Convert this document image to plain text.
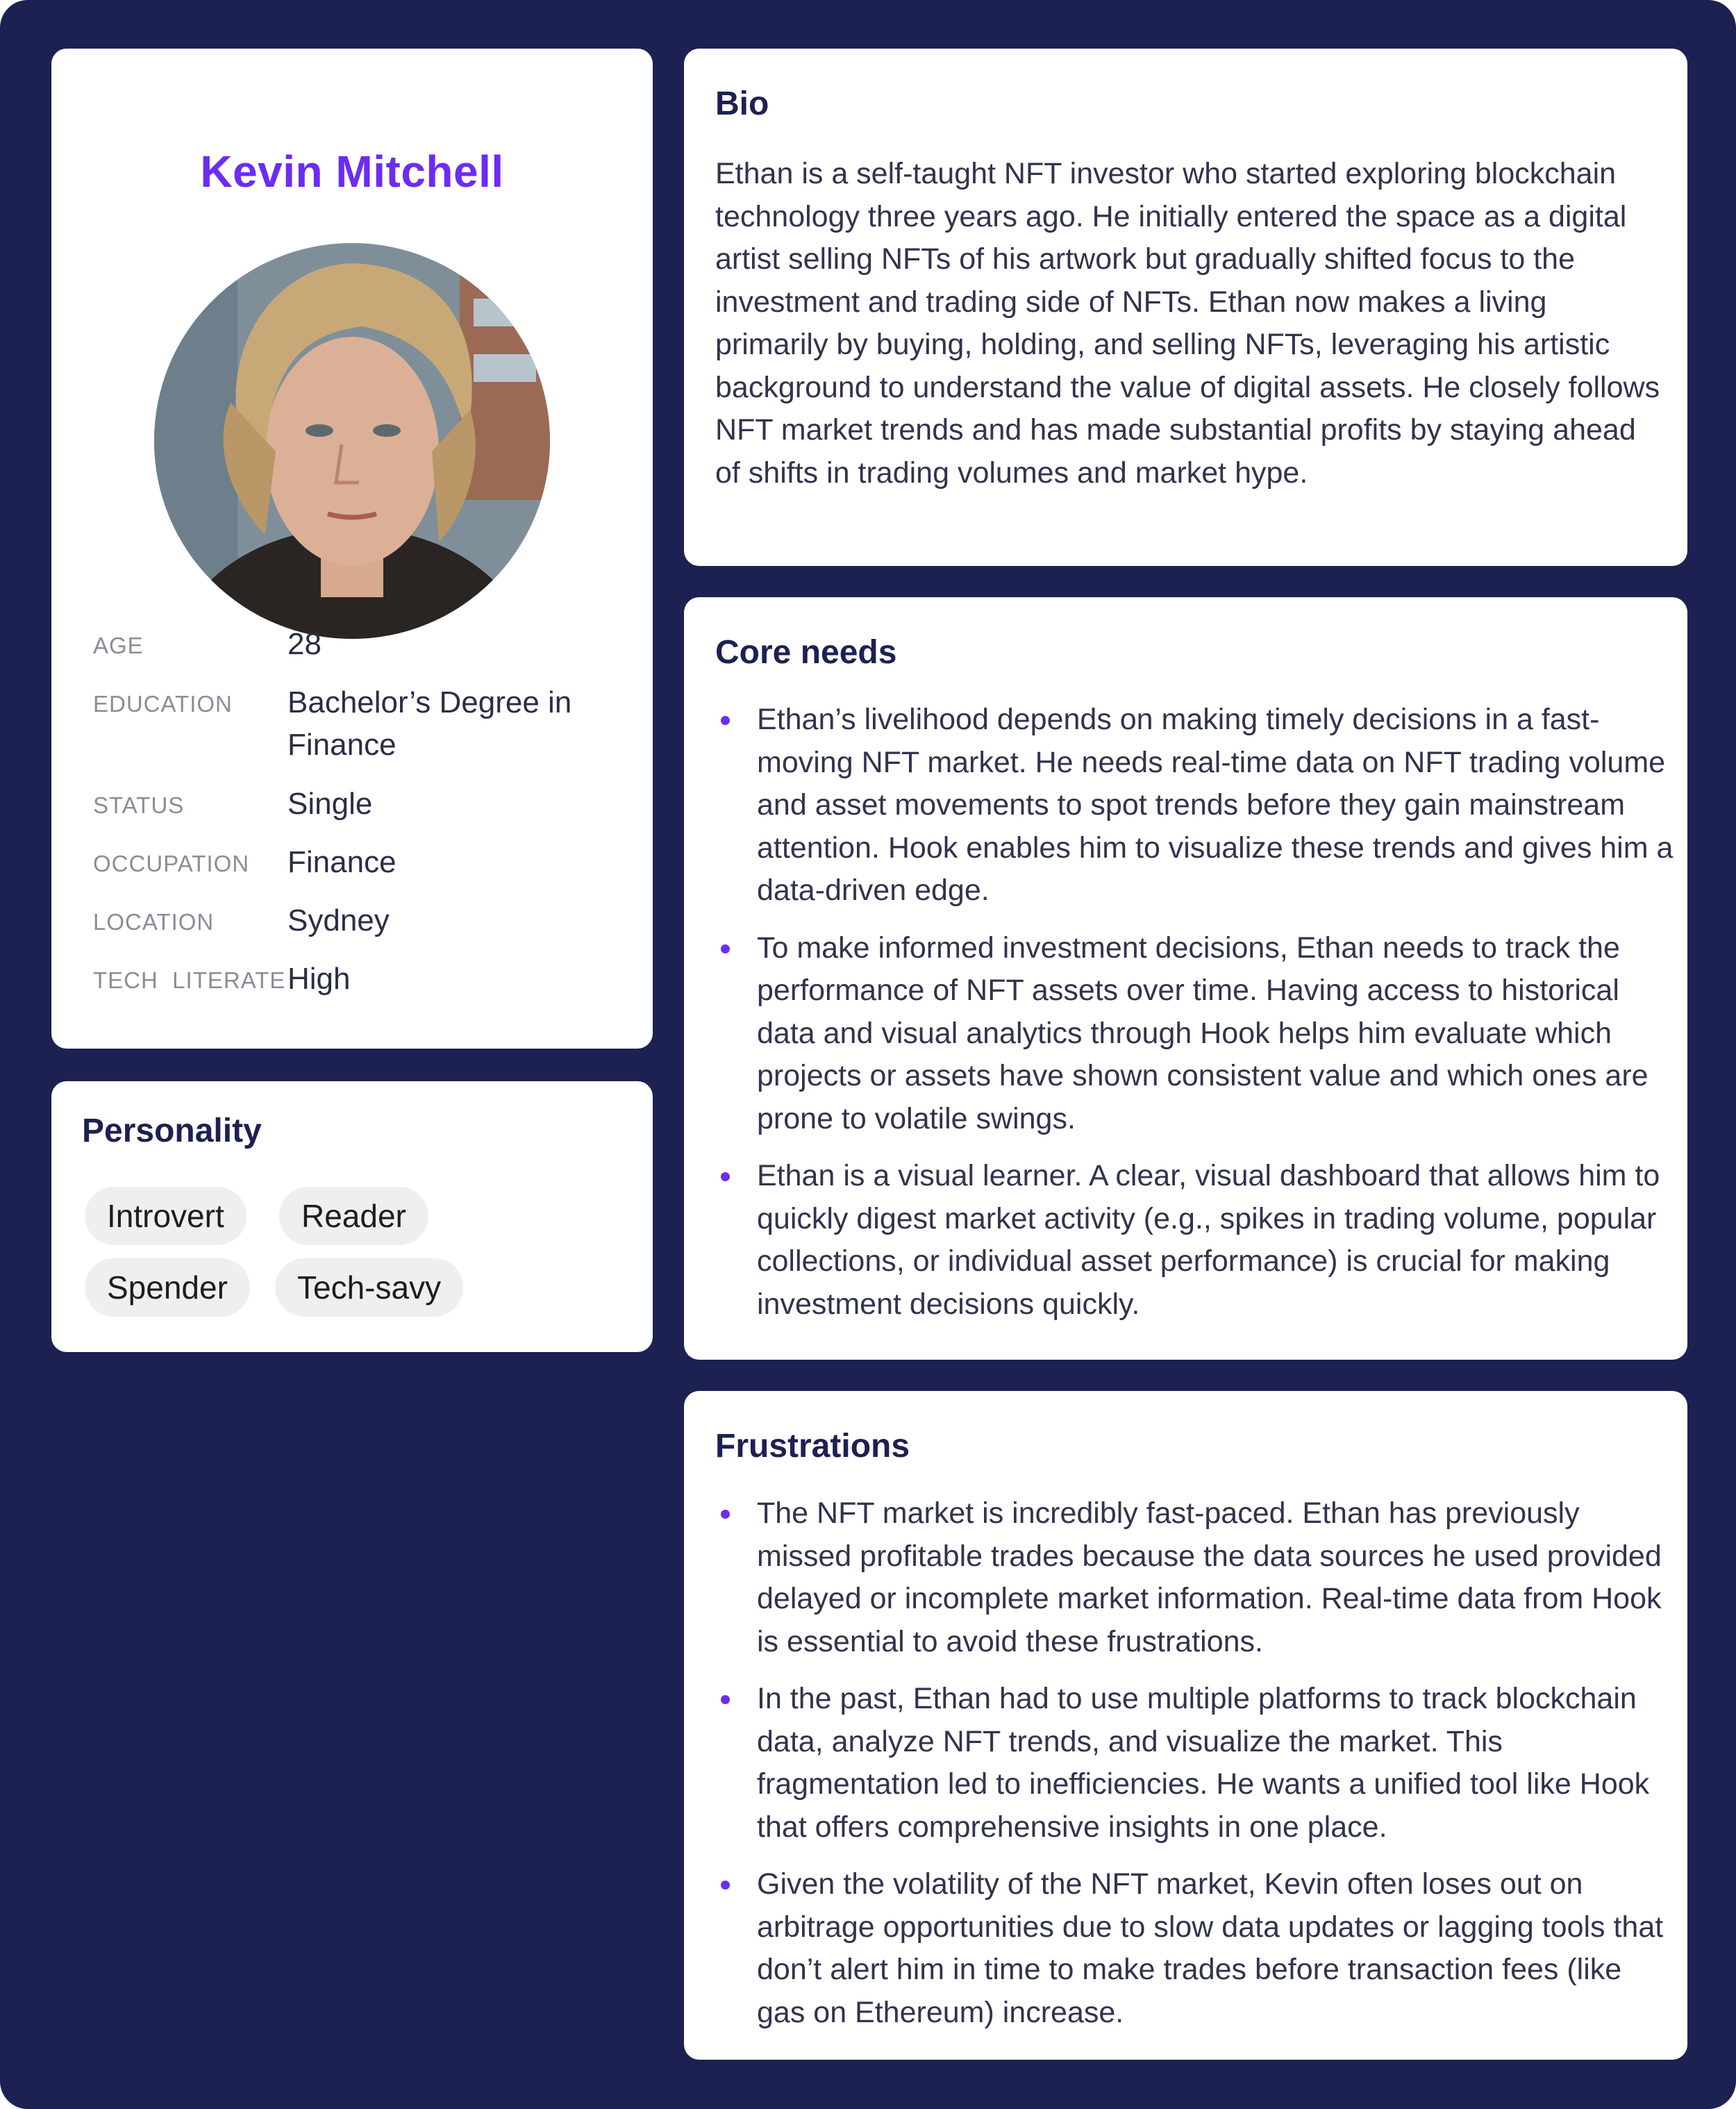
Kevin Mitchell
AGE	28
EDUCATION Bachelor’s Degree in Finance
STATUS	Single
OCCUPATION Finance
LOCATION Sydney
TECH  LITERATE High
Personality
Introvert	Reader
Spender	Tech-savy
Bio
Ethan is a self-taught NFT investor who started exploring blockchain technology three years ago. He initially entered the space as a digital artist selling NFTs of his artwork but gradually shifted focus to the investment and trading side of NFTs. Ethan now makes a living primarily by buying, holding, and selling NFTs, leveraging his artistic background to understand the value of digital assets. He closely follows NFT market trends and has made substantial profits by staying ahead of shifts in trading volumes and market hype.
Core needs
Ethan’s livelihood depends on making timely decisions in a fast-moving NFT market. He needs real-time data on NFT trading volume and asset movements to spot trends before they gain mainstream attention. Hook enables him to visualize these trends and gives him a data-driven edge.
To make informed investment decisions, Ethan needs to track the performance of NFT assets over time. Having access to historical data and visual analytics through Hook helps him evaluate which projects or assets have shown consistent value and which ones are prone to volatile swings.
Ethan is a visual learner. A clear, visual dashboard that allows him to quickly digest market activity (e.g., spikes in trading volume, popular collections, or individual asset performance) is crucial for making investment decisions quickly.
Frustrations
The NFT market is incredibly fast-paced. Ethan has previously missed profitable trades because the data sources he used provided delayed or incomplete market information. Real-time data from Hook is essential to avoid these frustrations.
In the past, Ethan had to use multiple platforms to track blockchain data, analyze NFT trends, and visualize the market. This fragmentation led to inefficiencies. He wants a unified tool like Hook that offers comprehensive insights in one place.
Given the volatility of the NFT market, Kevin often loses out on arbitrage opportunities due to slow data updates or lagging tools that don’t alert him in time to make trades before transaction fees (like gas on Ethereum) increase.
